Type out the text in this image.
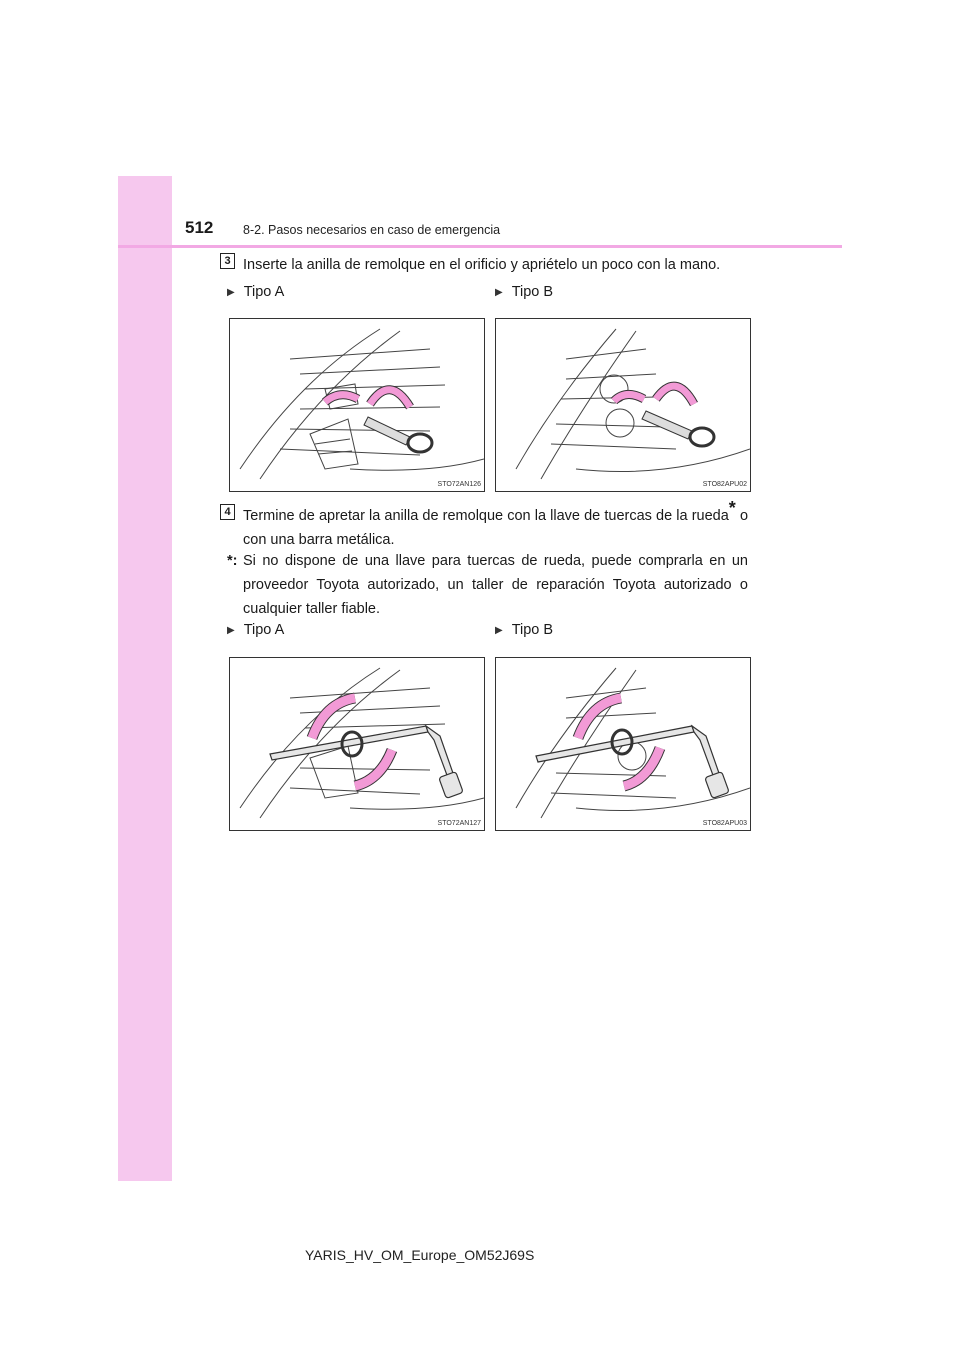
512 8-2. Pasos necesarios en caso de emergencia
3 Inserte la anilla de remolque en el orificio y apriételo un poco con la mano.
▶ Tipo A	▶ Tipo B
STO72AN126	STO82APU02
4 Termine de apretar la anilla de remolque con la llave de tuercas de la rueda* o con una barra metálica.
*: Si no dispone de una llave para tuercas de rueda, puede comprarla en un proveedor Toyota autorizado, un taller de reparación Toyota autorizado o cualquier taller fiable.
▶ Tipo A	▶ Tipo B
STO72AN127	STO82APU03
YARIS_HV_OM_Europe_OM52J69S
